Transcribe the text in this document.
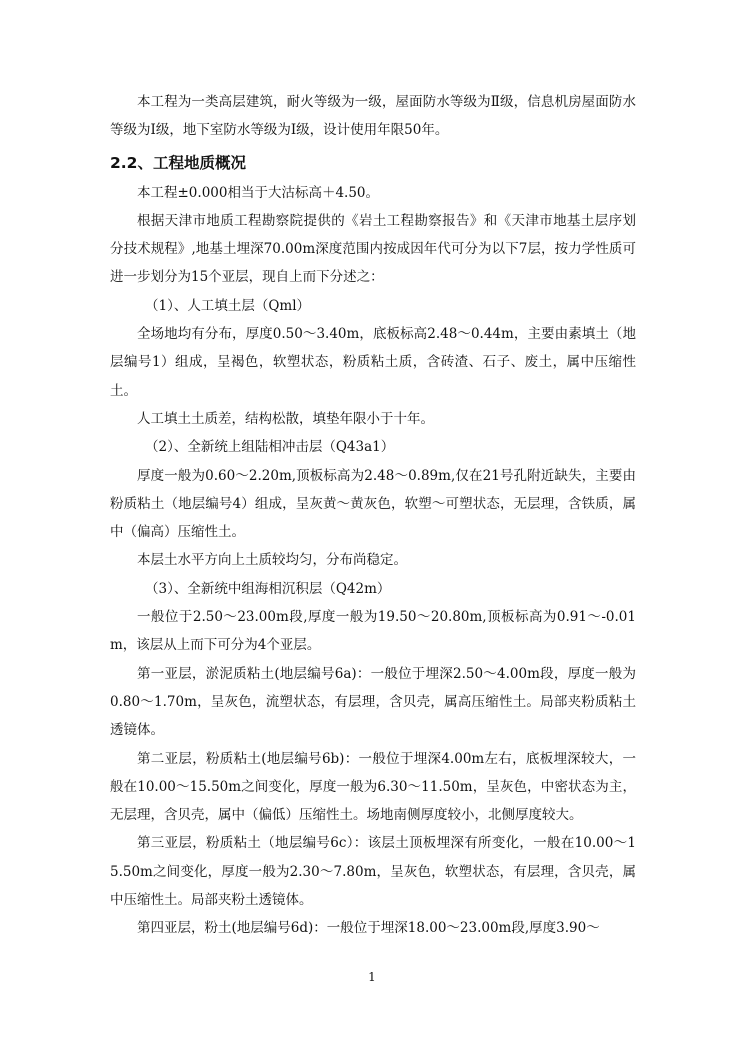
本工程为一类高层建筑，耐火等级为一级，屋面防水等级为Ⅱ级，信息机房屋面防水等级为Ⅰ级，地下室防水等级为Ⅰ级，设计使用年限50年。

2.2、工程地质概况

本工程±0.000相当于大沽标高＋4.50。

根据天津市地质工程勘察院提供的《岩土工程勘察报告》和《天津市地基土层序划分技术规程》,地基土埋深70.00m深度范围内按成因年代可分为以下7层，按力学性质可进一步划分为15个亚层，现自上而下分述之：

（1）、人工填土层（Qml）

全场地均有分布，厚度0.50～3.40m，底板标高2.48～0.44m，主要由素填土（地层编号1）组成，呈褐色，软塑状态，粉质粘土质，含砖渣、石子、废土，属中压缩性土。

人工填土土质差，结构松散，填垫年限小于十年。

（2）、全新统上组陆相冲击层（Q43a1）

厚度一般为0.60～2.20m,顶板标高为2.48～0.89m,仅在21号孔附近缺失，主要由粉质粘土（地层编号4）组成，呈灰黄～黄灰色，软塑～可塑状态，无层理，含铁质，属中（偏高）压缩性土。

本层土水平方向上土质较均匀，分布尚稳定。

（3）、全新统中组海相沉积层（Q42m）

一般位于2.50～23.00m段,厚度一般为19.50～20.80m,顶板标高为0.91～-0.01m，该层从上而下可分为4个亚层。

第一亚层，淤泥质粘土(地层编号6a)：一般位于埋深2.50～4.00m段，厚度一般为0.80～1.70m，呈灰色，流塑状态，有层理，含贝壳，属高压缩性土。局部夹粉质粘土透镜体。

第二亚层，粉质粘土(地层编号6b)：一般位于埋深4.00m左右，底板埋深较大，一般在10.00～15.50m之间变化，厚度一般为6.30～11.50m，呈灰色，中密状态为主，无层理，含贝壳，属中（偏低）压缩性土。场地南侧厚度较小，北侧厚度较大。

第三亚层，粉质粘土（地层编号6c）：该层土顶板埋深有所变化，一般在10.00～15.50m之间变化，厚度一般为2.30～7.80m，呈灰色，软塑状态，有层理，含贝壳，属中压缩性土。局部夹粉土透镜体。

第四亚层，粉土(地层编号6d)：一般位于埋深18.00～23.00m段,厚度3.90～

1
